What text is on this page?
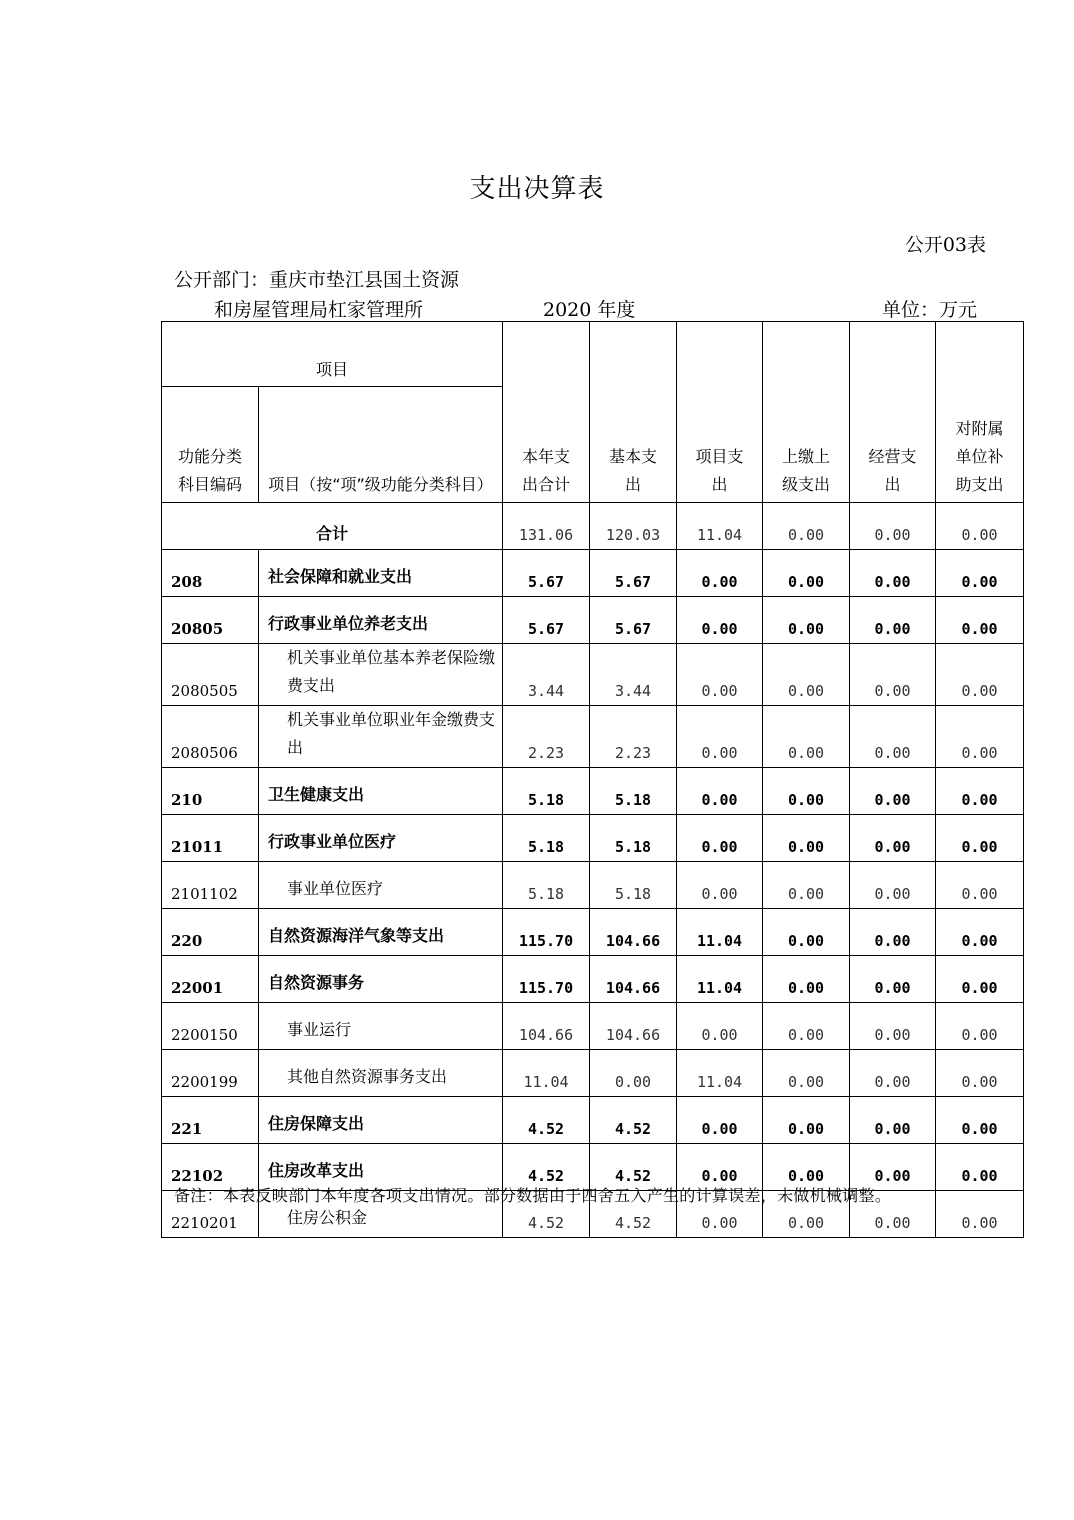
支出决算表
公开03表
公开部门：重庆市垫江县国土资源
和房屋管理局杠家管理所	2020 年度	单位：万元
项目		本年支出合计	基本支出	项目支出	上缴上级支出	经营支出	对附属单位补助支出

功能分类科目编码	项目（按“项”级功能分类科目）						

合计		131.06	120.03	11.04	0.00	0.00	0.00
208	社会保障和就业支出	5.67	5.67	0.00	0.00	0.00	0.00
20805	行政事业单位养老支出	5.67	5.67	0.00	0.00	0.00	0.00
2080505	机关事业单位基本养老保险缴费支出	3.44	3.44	0.00	0.00	0.00	0.00
2080506	机关事业单位职业年金缴费支出	2.23	2.23	0.00	0.00	0.00	0.00
210	卫生健康支出	5.18	5.18	0.00	0.00	0.00	0.00
21011	行政事业单位医疗	5.18	5.18	0.00	0.00	0.00	0.00
2101102	事业单位医疗	5.18	5.18	0.00	0.00	0.00	0.00
220	自然资源海洋气象等支出	115.70	104.66	11.04	0.00	0.00	0.00
22001	自然资源事务	115.70	104.66	11.04	0.00	0.00	0.00
2200150	事业运行	104.66	104.66	0.00	0.00	0.00	0.00
2200199	其他自然资源事务支出	11.04	0.00	11.04	0.00	0.00	0.00
221	住房保障支出	4.52	4.52	0.00	0.00	0.00	0.00
22102	住房改革支出	4.52	4.52	0.00	0.00	0.00	0.00
2210201	住房公积金	4.52	4.52	0.00	0.00	0.00	0.00
备注：本表反映部门本年度各项支出情况。部分数据由于四舍五入产生的计算误差，未做机械调整。
